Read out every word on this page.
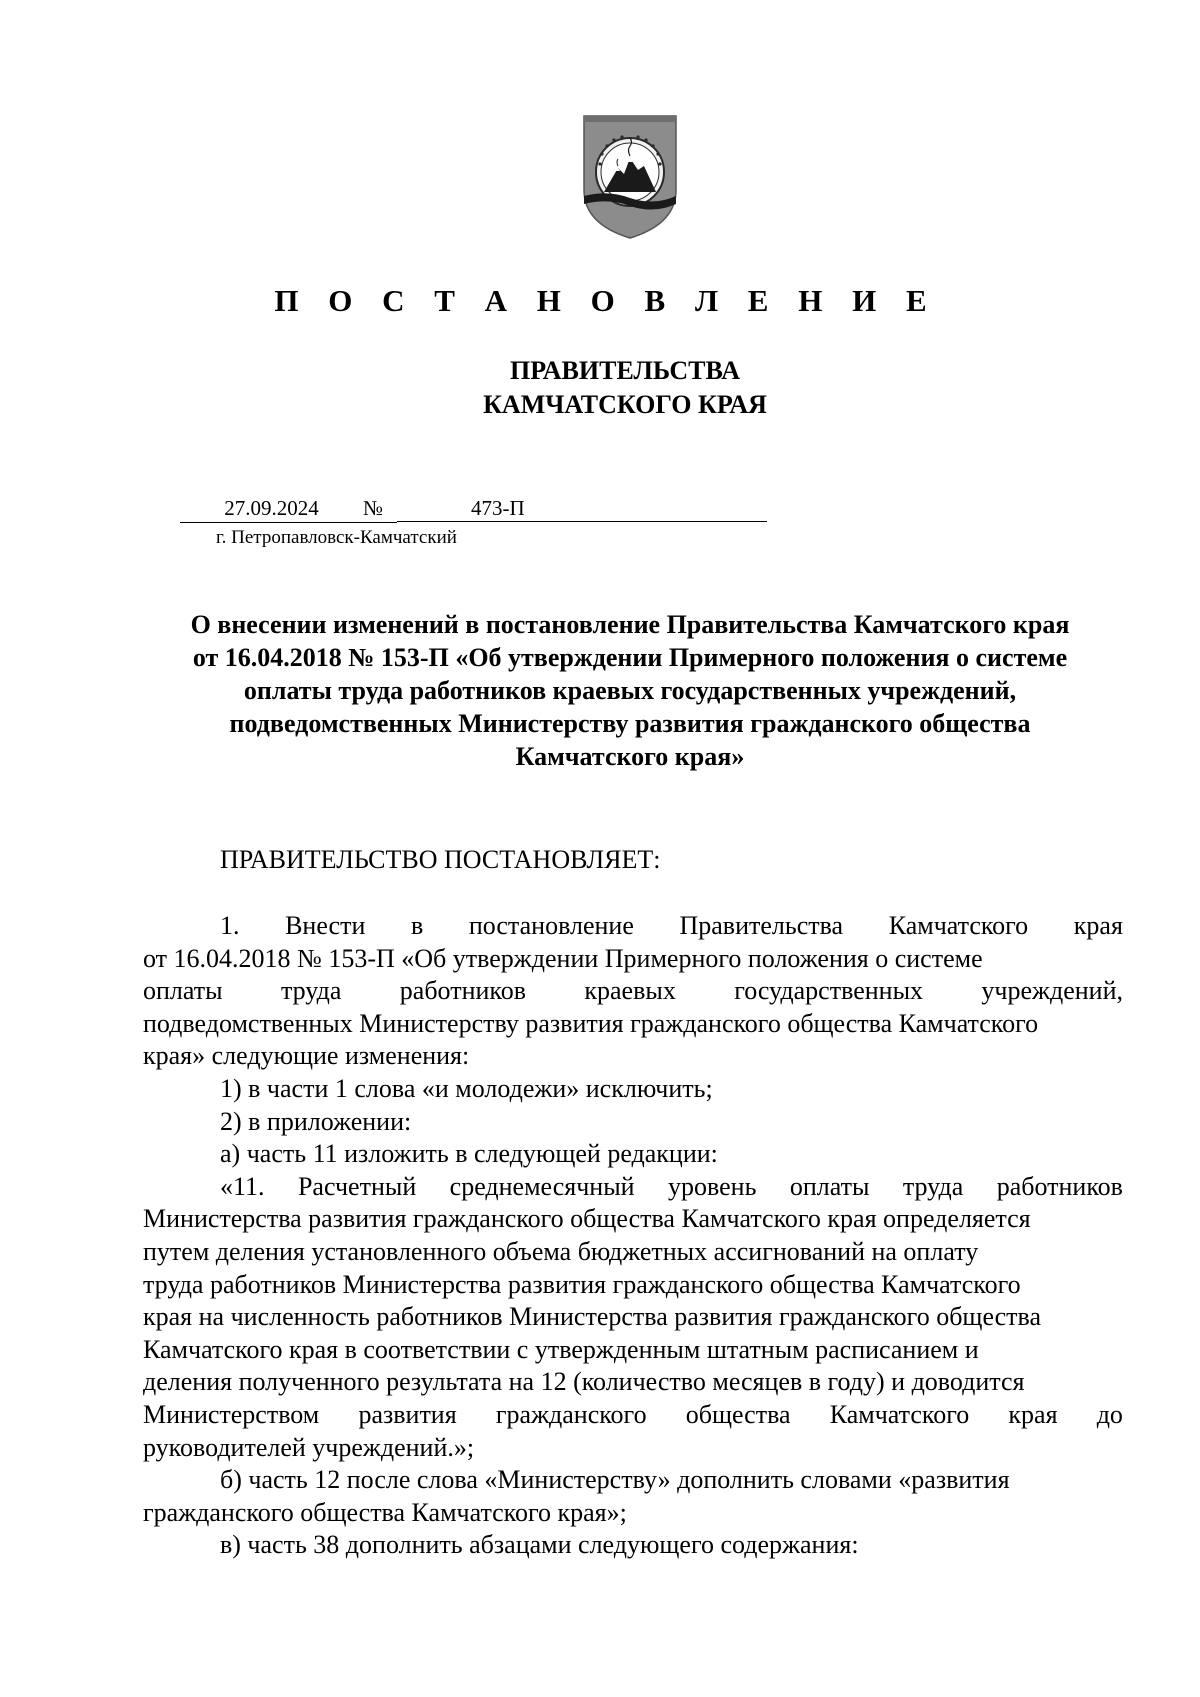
П О С Т А Н О В Л Е Н И Е
ПРАВИТЕЛЬСТВА
КАМЧАТСКОГО КРАЯ
27.09.2024	№	473-П
г. Петропавловск-Камчатский
О внесении изменений в постановление Правительства Камчатского края
от 16.04.2018 № 153-П «Об утверждении Примерного положения о системе
оплаты труда работников краевых государственных учреждений,
подведомственных Министерству развития гражданского общества
Камчатского края»
ПРАВИТЕЛЬСТВО ПОСТАНОВЛЯЕТ:
1. Внести в постановление Правительства Камчатского края
от 16.04.2018 № 153-П «Об утверждении Примерного положения о системе
оплаты труда работников краевых государственных учреждений,
подведомственных Министерству развития гражданского общества Камчатского
края» следующие изменения:
1) в части 1 слова «и молодежи» исключить;
2) в приложении:
а) часть 11 изложить в следующей редакции:
«11. Расчетный среднемесячный уровень оплаты труда работников
Министерства развития гражданского общества Камчатского края определяется
путем деления установленного объема бюджетных ассигнований на оплату
труда работников Министерства развития гражданского общества Камчатского
края на численность работников Министерства развития гражданского общества
Камчатского края в соответствии с утвержденным штатным расписанием и
деления полученного результата на 12 (количество месяцев в году) и доводится
Министерством развития гражданского общества Камчатского края до
руководителей учреждений.»;
б) часть 12 после слова «Министерству» дополнить словами «развития
гражданского общества Камчатского края»;
в) часть 38 дополнить абзацами следующего содержания:
